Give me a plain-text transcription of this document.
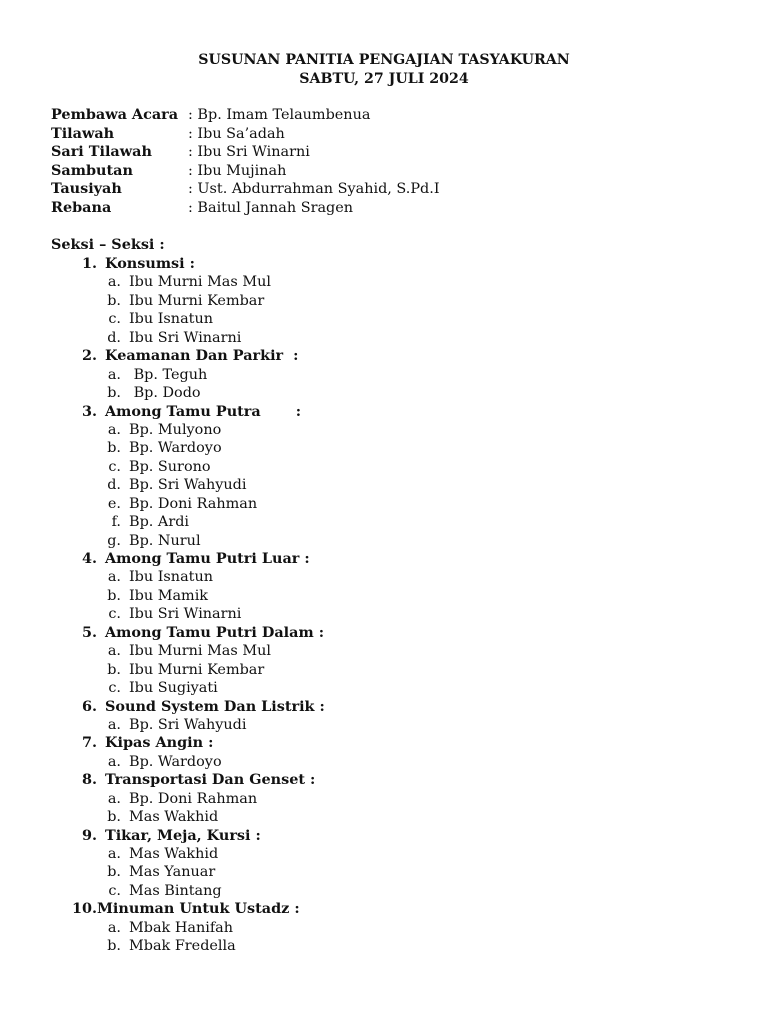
SUSUNAN PANITIA PENGAJIAN TASYAKURAN
SABTU, 27 JULI 2024
Pembawa Acara : Bp. Imam Telaumbenua
Tilawah	: Ibu Sa’adah
Sari Tilawah	: Ibu Sri Winarni
Sambutan	: Ibu Mujinah
Tausiyah	: Ust. Abdurrahman Syahid, S.Pd.I
Rebana	: Baitul Jannah Sragen
Seksi – Seksi :
1. Konsumsi :
a. Ibu Murni Mas Mul
b. Ibu Murni Kembar
c. Ibu Isnatun
d. Ibu Sri Winarni
2. Keamanan Dan Parkir  :
a. Bp. Teguh
b. Bp. Dodo
3. Among Tamu Putra       :
a. Bp. Mulyono
b. Bp. Wardoyo
c. Bp. Surono
d. Bp. Sri Wahyudi
e. Bp. Doni Rahman
f. Bp. Ardi
g. Bp. Nurul
4. Among Tamu Putri Luar :
a. Ibu Isnatun
b. Ibu Mamik
c. Ibu Sri Winarni
5. Among Tamu Putri Dalam :
a. Ibu Murni Mas Mul
b. Ibu Murni Kembar
c. Ibu Sugiyati
6. Sound System Dan Listrik :
a. Bp. Sri Wahyudi
7. Kipas Angin :
a. Bp. Wardoyo
8. Transportasi Dan Genset :
a. Bp. Doni Rahman
b. Mas Wakhid
9. Tikar, Meja, Kursi :
a. Mas Wakhid
b. Mas Yanuar
c. Mas Bintang
10.Minuman Untuk Ustadz :
a. Mbak Hanifah
b. Mbak Fredella
